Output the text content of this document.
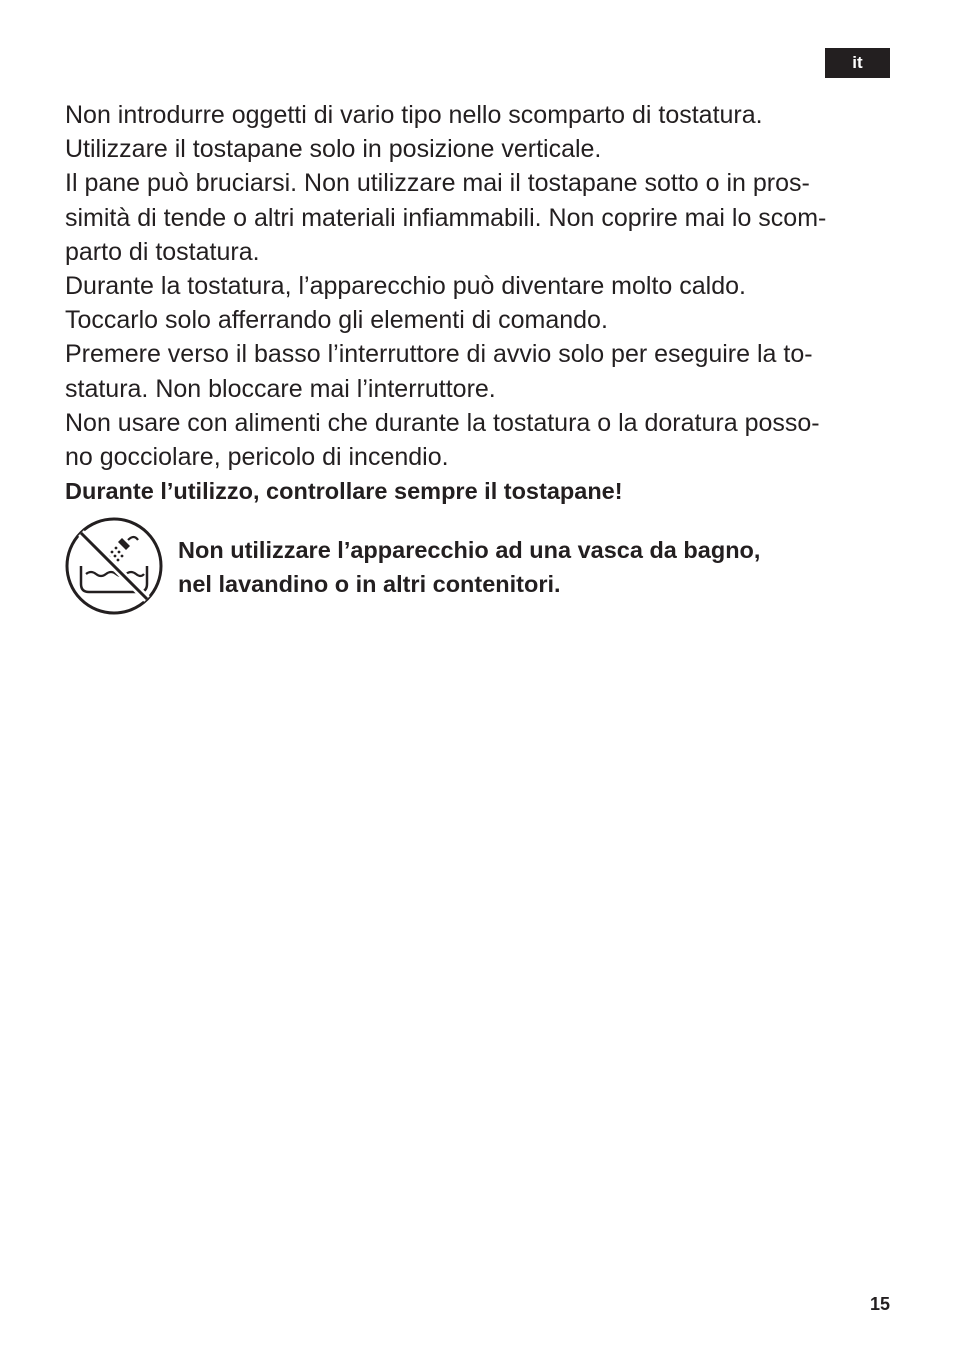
it
Non introdurre oggetti di vario tipo nello scomparto di tostatura.
Utilizzare il tostapane solo in posizione verticale.
Il pane può bruciarsi. Non utilizzare mai il tostapane sotto o in pros-
simità di tende o altri materiali infiammabili. Non coprire mai lo scom-
parto di tostatura.
Durante la tostatura, l’apparecchio può diventare molto caldo.
Toccarlo solo afferrando gli elementi di comando.
Premere verso il basso l’interruttore di avvio solo per eseguire la to-
statura. Non bloccare mai l’interruttore.
Non usare con alimenti che durante la tostatura o la doratura posso-
no gocciolare, pericolo di incendio.
Durante l’utilizzo, controllare sempre il tostapane!
Non utilizzare l’apparecchio ad una vasca da bagno,
nel lavandino o in altri contenitori.
15
